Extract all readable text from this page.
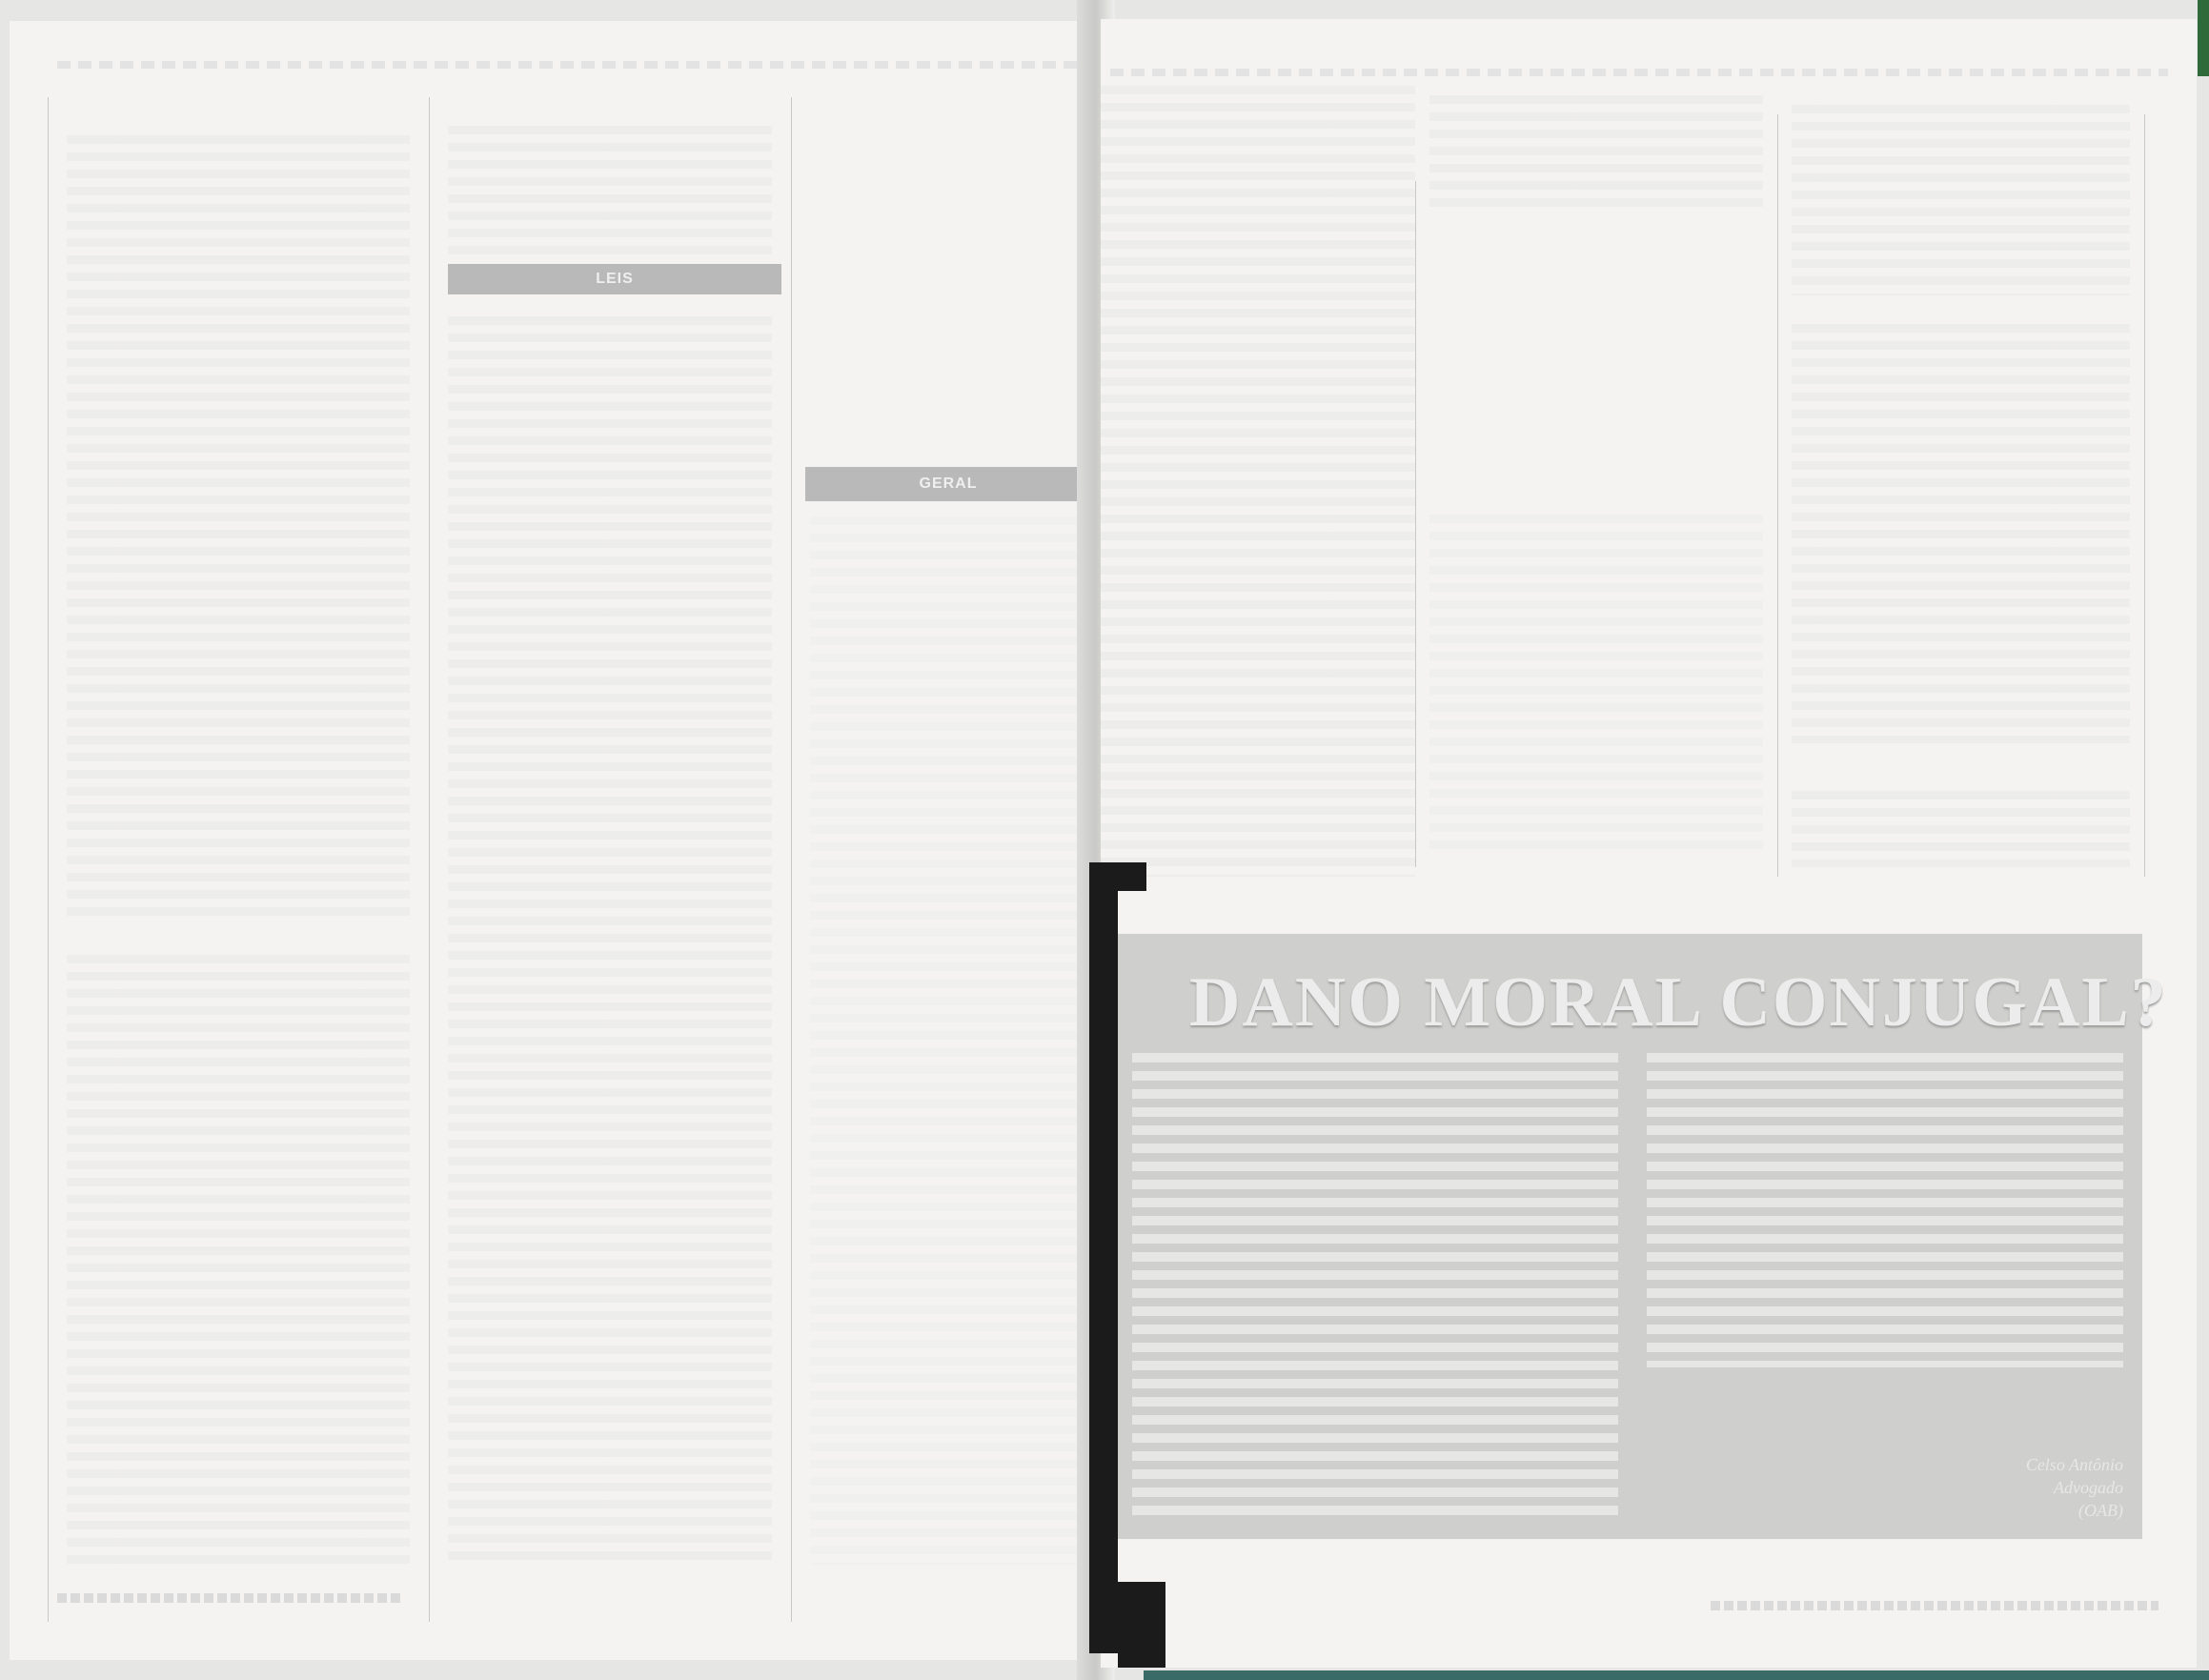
LEIS
GERAL
DANO MORAL CONJUGAL?
Celso Antônio
Advogado
(OAB)
